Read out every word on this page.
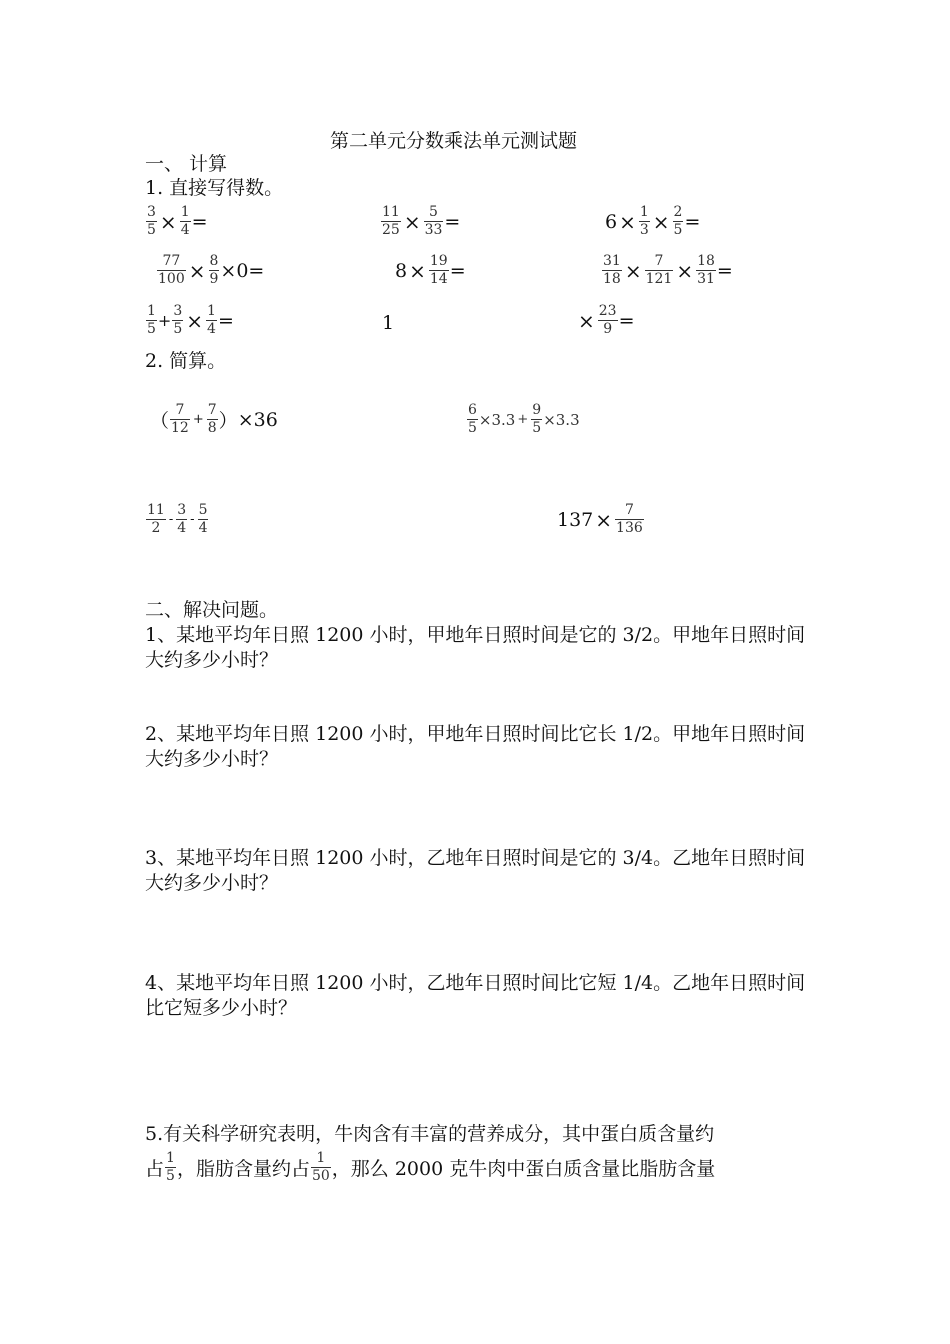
第二单元分数乘法单元测试题
一、 计算
1. 直接写得数。
$\frac{3}{5} \times \frac{1}{4}$ =	$\frac{11}{25} \times \frac{5}{33}$ =	$6 \times \frac{1}{3} \times \frac{2}{5}$ =
$\frac{77}{100} \times \frac{8}{9} \times 0=$	$8 \times \frac{19}{14}$ =	$\frac{31}{18} \times \frac{7}{121} \times \frac{18}{31}$ =
$\frac{1}{5} + \frac{3}{5} \times \frac{1}{4}$ =	1	× $\frac{23}{9}$ =
2. 简算。
（ $\frac{7}{12} + \frac{7}{8}$ ） ×36	$\frac{6}{5} \times 3.3 + \frac{9}{5} \times 3.3$
$\frac{11}{2} - \frac{3}{4} - \frac{5}{4}$	$137 \times \frac{7}{136}$
二、解决问题。
1、某地平均年日照 1200 小时，甲地年日照时间是它的 3/2。甲地年日照时间大约多少小时？
2、某地平均年日照 1200 小时，甲地年日照时间比它长 1/2。甲地年日照时间大约多少小时？
3、某地平均年日照 1200 小时，乙地年日照时间是它的 3/4。乙地年日照时间大约多少小时？
4、某地平均年日照 1200 小时，乙地年日照时间比它短 1/4。乙地年日照时间比它短多少小时？
5.有关科学研究表明，牛肉含有丰富的营养成分，其中蛋白质含量约
占 $\frac{1}{5}$ ，脂肪含量约占 $\frac{1}{50}$ ，那么 2000 克牛肉中蛋白质含量比脂肪含量
